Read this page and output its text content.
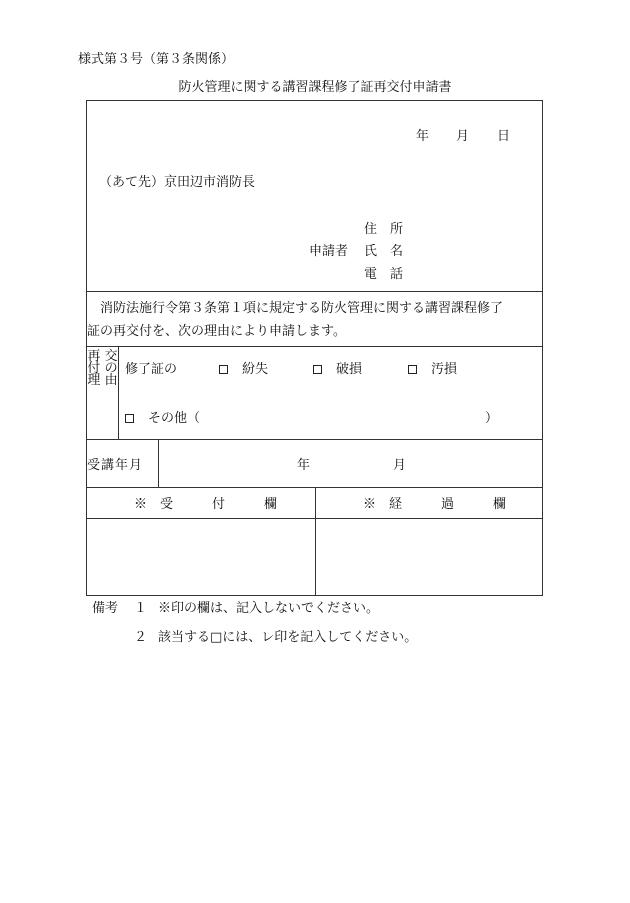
様式第３号（第３条関係）
防火管理に関する講習課程修了証再交付申請書
年 月 日
（あて先）京田辺市消防長
住　所
申請者 氏　名
電　話
消防法施行令第３条第１項に規定する防火管理に関する講習課程修了
証の再交付を、次の理由により申請します。
再 交 付 の 理 由
修了証の	紛失	破損	汚損
その他（	）
受講年月	年	月
※　受　　　付　　　欄	※　経　　　過　　　欄
備考 １ ※印の欄は、記入しないでください。
２ 該当する□には、レ印を記入してください。
